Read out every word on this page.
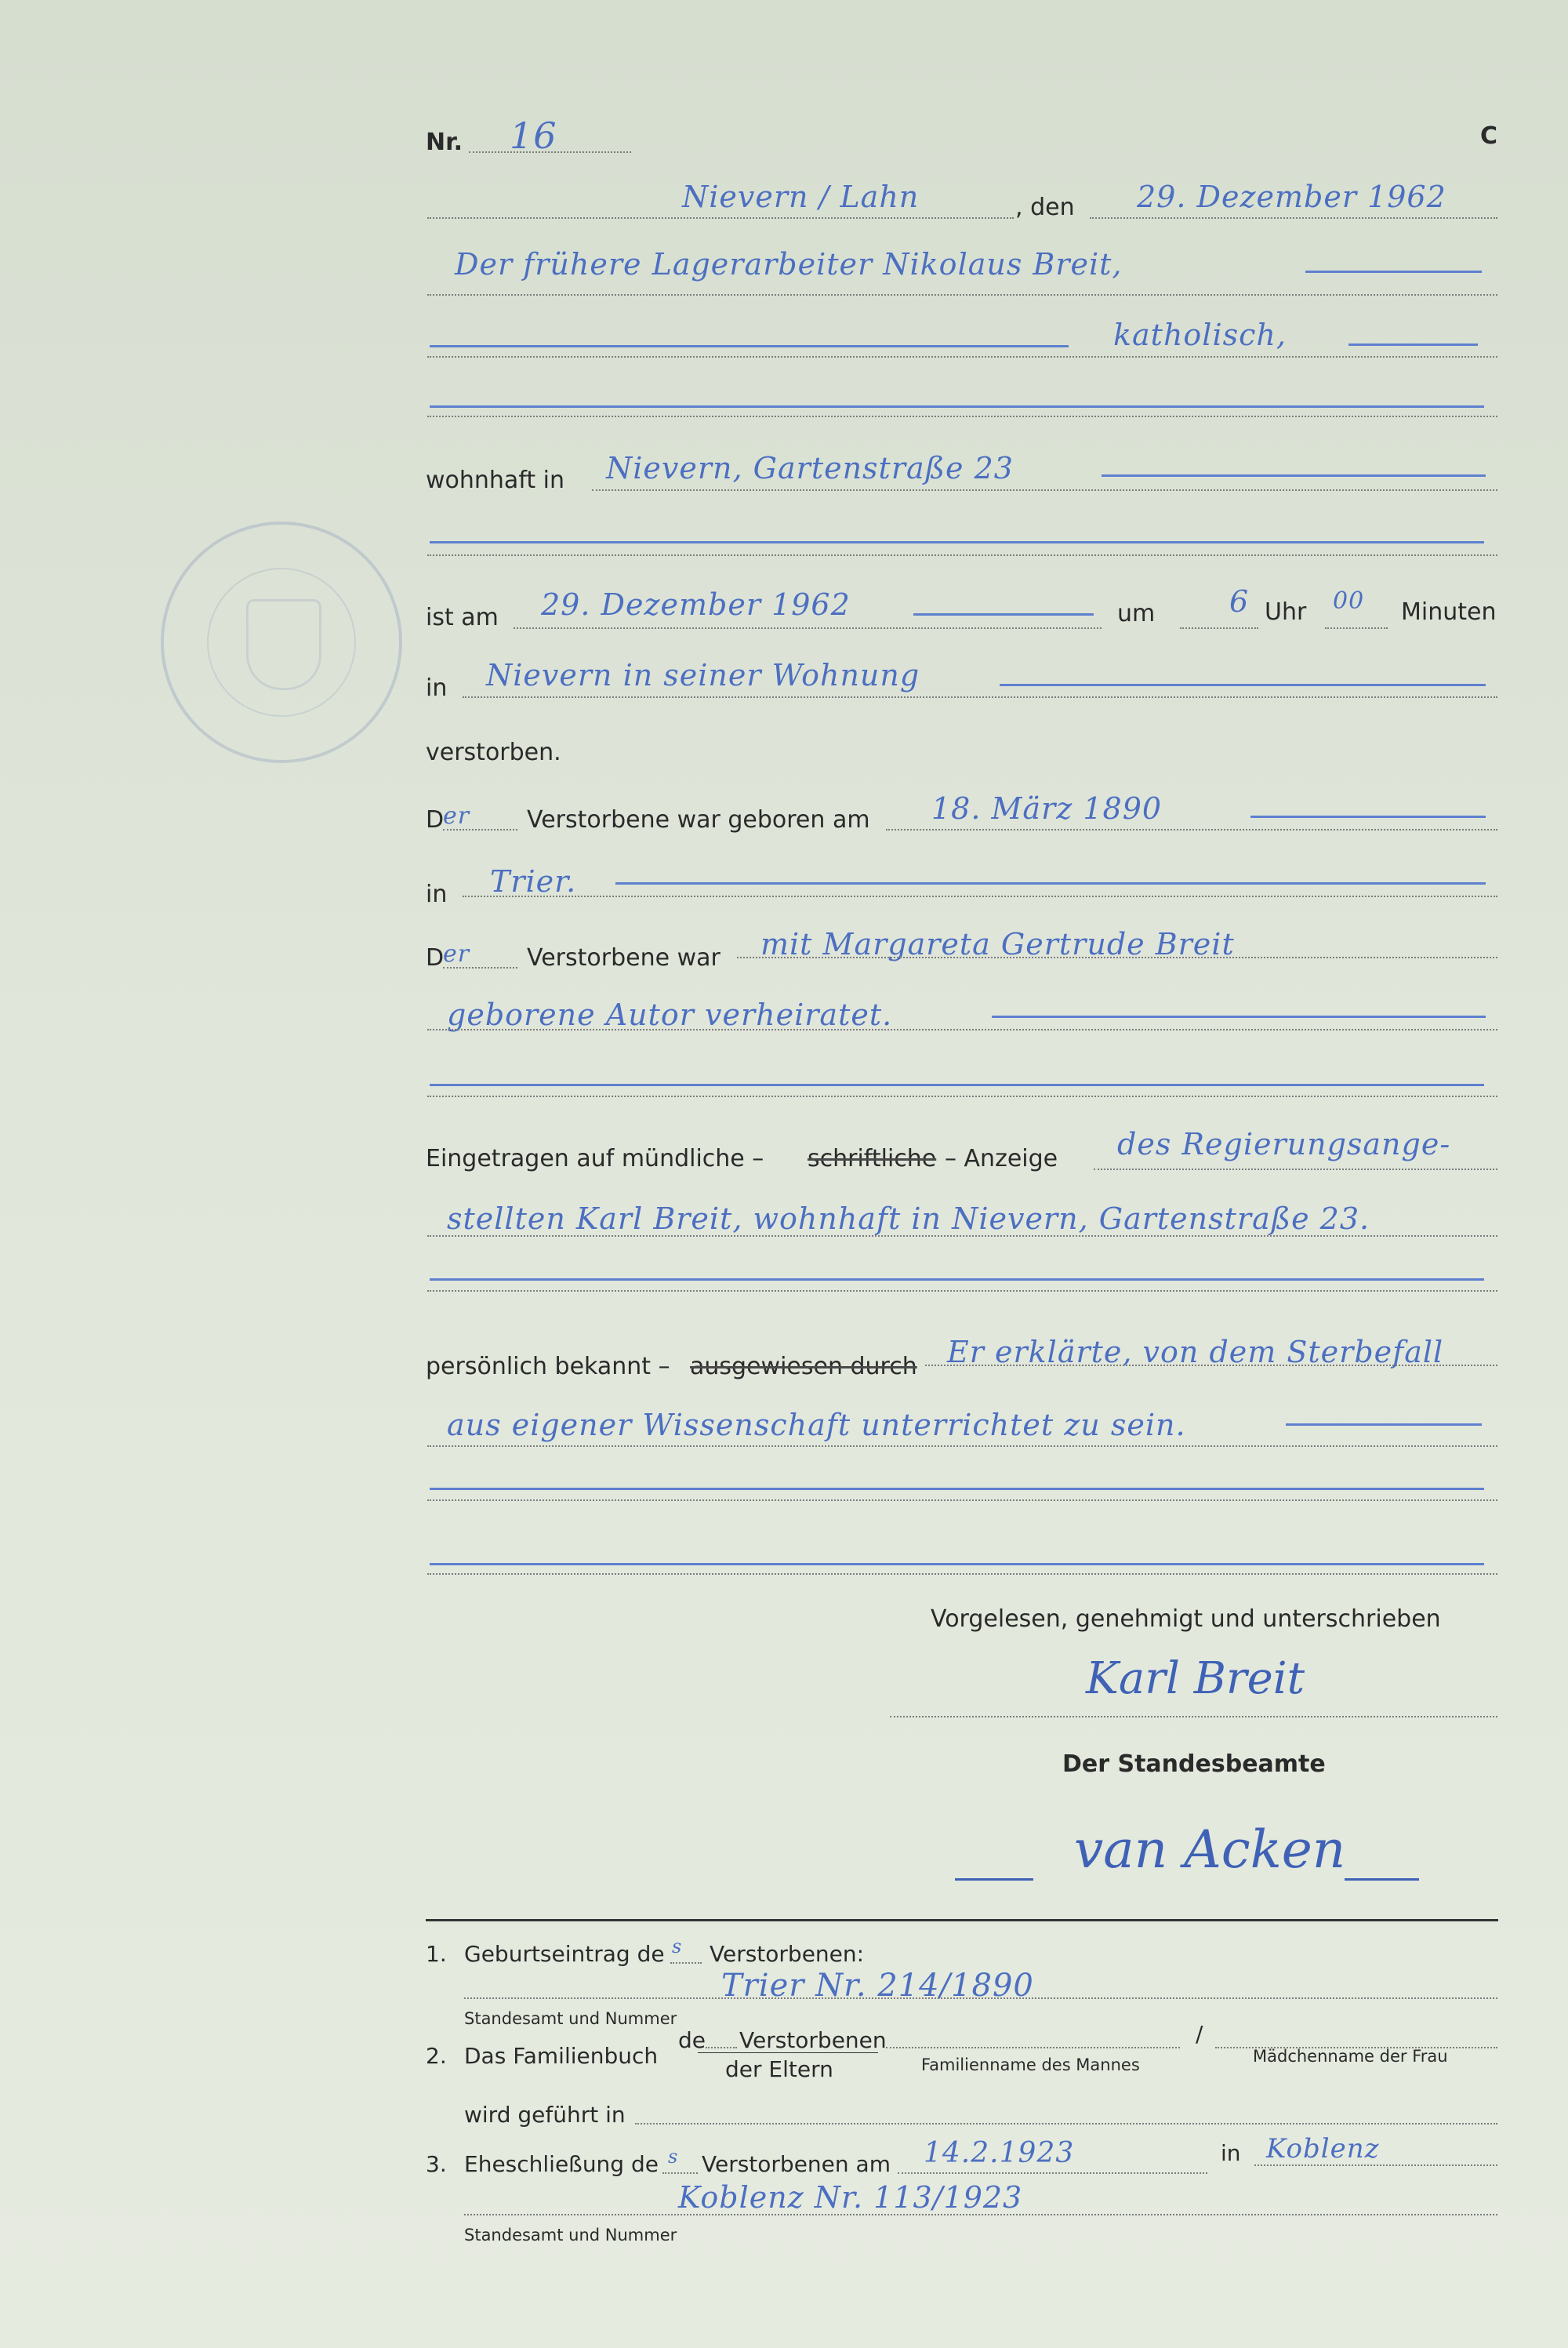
Nr. 16	C
Nievern / Lahn	, den 29. Dezember 1962
Der frühere Lagerarbeiter Nikolaus Breit,
katholisch,
wohnhaft in Nievern, Gartenstraße 23
ist am 29. Dezember 1962	um 6 Uhr 00 Minuten
in Nievern in seiner Wohnung
verstorben.
D
er Verstorbene war geboren am 18. März 1890
in Trier.
D
er Verstorbene war mit Margareta Gertrude Breit
geborene Autor verheiratet.
Eingetragen auf mündliche – schriftliche – Anzeige des Regierungsange-
stellten Karl Breit, wohnhaft in Nievern, Gartenstraße 23.
persönlich bekannt – ausgewiesen durch Er erklärte, von dem Sterbefall
aus eigener Wissenschaft unterrichtet zu sein.
Vorgelesen, genehmigt und unterschrieben
Karl Breit
Der Standesbeamte
van Acken
1. Geburtseintrag de s Verstorbenen:
Trier Nr. 214/1890
Standesamt und Nummer
2. Das Familienbuch
de Verstorbenen	/
der Eltern	Familienname des Mannes	Mädchenname der Frau
wird geführt in
3. Eheschließung de s Verstorbenen am 14.2.1923	in Koblenz
Koblenz Nr. 113/1923
Standesamt und Nummer
